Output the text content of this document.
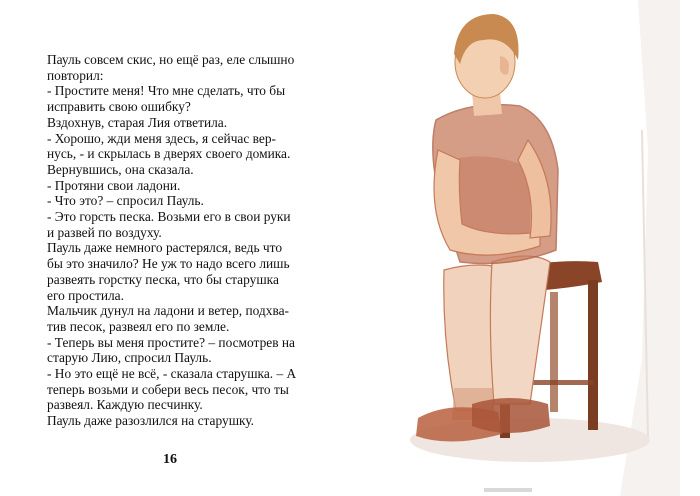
Пауль совсем скис, но ещё раз, еле слышно
повторил:
- Простите меня! Что мне сделать, что бы
исправить свою ошибку?
Вздохнув, старая Лия ответила.
- Хорошо, жди меня здесь, я сейчас вер-
нусь, - и скрылась в дверях своего домика.
Вернувшись, она сказала.
- Протяни свои ладони.
- Что это? – спросил Пауль.
- Это горсть песка. Возьми его в свои руки
и развей по воздуху.
Пауль даже немного растерялся, ведь что
бы это значило? Не уж то надо всего лишь
развеять горстку песка, что бы старушка
его простила.
Мальчик дунул на ладони и ветер, подхва-
тив песок, развеял его по земле.
- Теперь вы меня простите? – посмотрев на
старую Лию, спросил Пауль.
- Но это ещё не всё, - сказала старушка. – А
теперь возьми и собери весь песок, что ты
развеял. Каждую песчинку.
Пауль даже разозлился на старушку.
16
